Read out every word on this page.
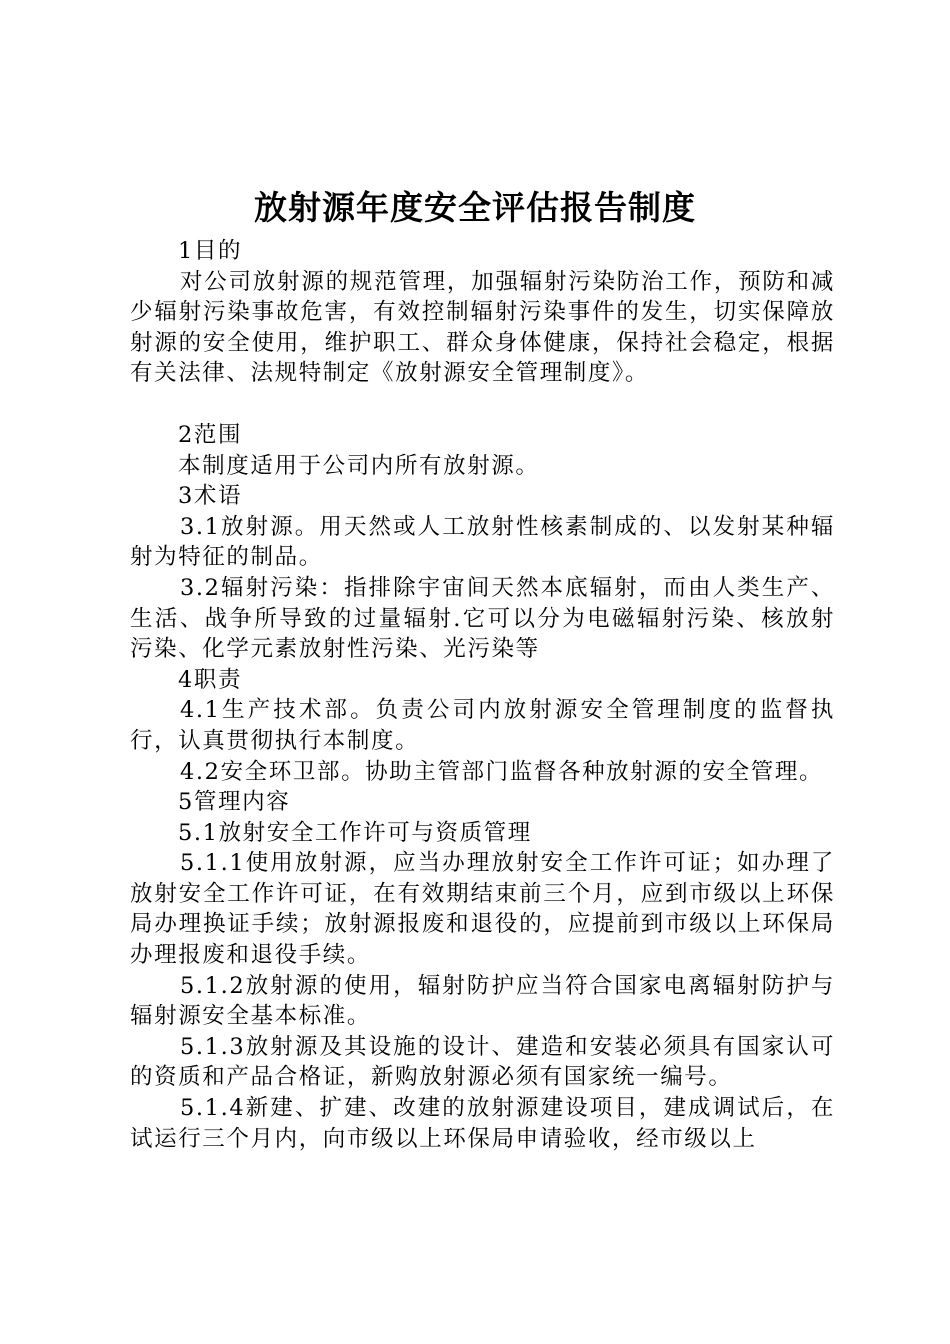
放射源年度安全评估报告制度

1目的

对公司放射源的规范管理，加强辐射污染防治工作，预防和减少辐射污染事故危害，有效控制辐射污染事件的发生，切实保障放射源的安全使用，维护职工、群众身体健康，保持社会稳定，根据有关法律、法规特制定《放射源安全管理制度》。

2范围

本制度适用于公司内所有放射源。

3术语

3.1放射源。用天然或人工放射性核素制成的、以发射某种辐射为特征的制品。

3.2辐射污染：指排除宇宙间天然本底辐射，而由人类生产、生活、战争所导致的过量辐射.它可以分为电磁辐射污染、核放射污染、化学元素放射性污染、光污染等

4职责

4.1生产技术部。负责公司内放射源安全管理制度的监督执行，认真贯彻执行本制度。

4.2安全环卫部。协助主管部门监督各种放射源的安全管理。

5管理内容

5.1放射安全工作许可与资质管理

5.1.1使用放射源，应当办理放射安全工作许可证；如办理了放射安全工作许可证，在有效期结束前三个月，应到市级以上环保局办理换证手续；放射源报废和退役的，应提前到市级以上环保局办理报废和退役手续。

5.1.2放射源的使用，辐射防护应当符合国家电离辐射防护与辐射源安全基本标准。

5.1.3放射源及其设施的设计、建造和安装必须具有国家认可的资质和产品合格证，新购放射源必须有国家统一编号。

5.1.4新建、扩建、改建的放射源建设项目，建成调试后，在试运行三个月内，向市级以上环保局申请验收，经市级以上
